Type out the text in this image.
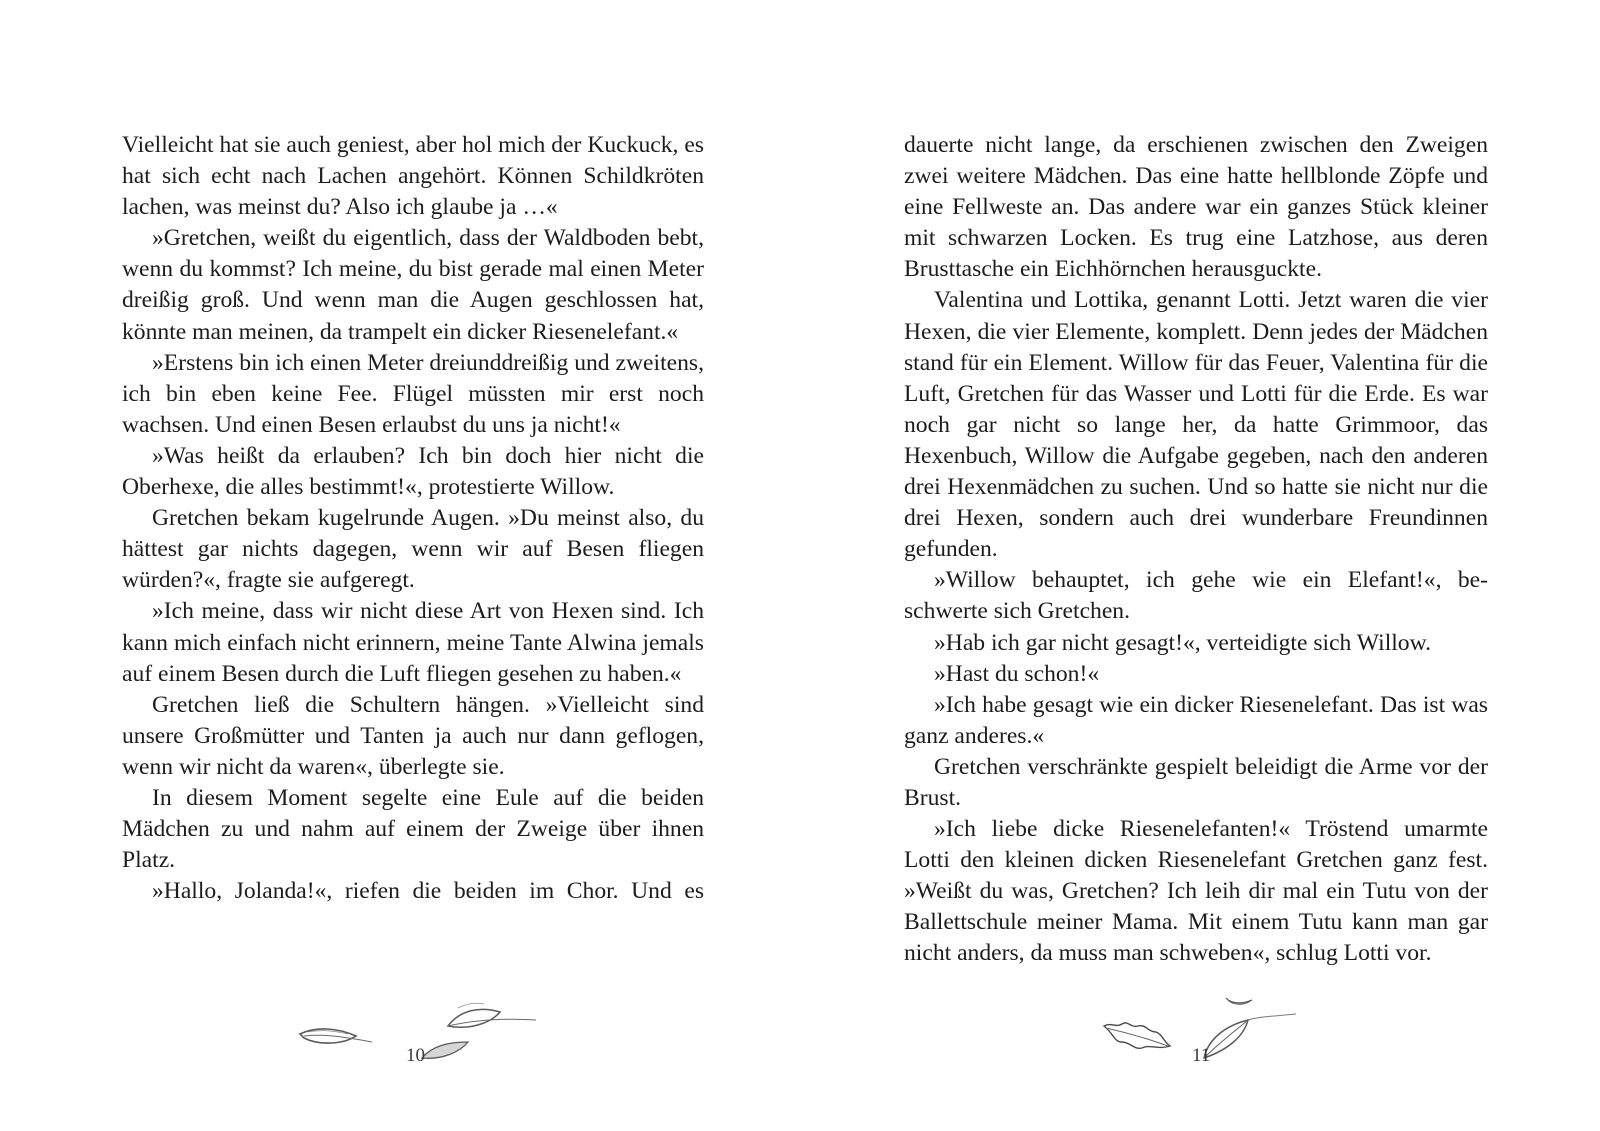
Vielleicht hat sie auch geniest, aber hol mich der Kuckuck, es hat sich echt nach Lachen angehört. Können Schildkröten lachen, was meinst du? Also ich glaube ja …«

»Gretchen, weißt du eigentlich, dass der Waldboden bebt, wenn du kommst? Ich meine, du bist gerade mal einen Meter dreißig groß. Und wenn man die Augen geschlossen hat, könnte man meinen, da trampelt ein dicker Riesenelefant.«

»Erstens bin ich einen Meter dreiunddreißig und zweitens, ich bin eben keine Fee. Flügel müssten mir erst noch wachsen. Und einen Besen erlaubst du uns ja nicht!«

»Was heißt da erlauben? Ich bin doch hier nicht die Oberhexe, die alles bestimmt!«, protestierte Willow.

Gretchen bekam kugelrunde Augen. »Du meinst also, du hättest gar nichts dagegen, wenn wir auf Besen fliegen würden?«, fragte sie aufgeregt.

»Ich meine, dass wir nicht diese Art von Hexen sind. Ich kann mich einfach nicht erinnern, meine Tante Alwina jemals auf einem Besen durch die Luft fliegen gesehen zu haben.«

Gretchen ließ die Schultern hängen. »Vielleicht sind unsere Großmütter und Tanten ja auch nur dann geflogen, wenn wir nicht da waren«, überlegte sie.

In diesem Moment segelte eine Eule auf die beiden Mädchen zu und nahm auf einem der Zweige über ihnen Platz.

»Hallo, Jolanda!«, riefen die beiden im Chor. Und es

10

dauerte nicht lange, da erschienen zwischen den Zweigen zwei weitere Mädchen. Das eine hatte hellblonde Zöpfe und eine Fellweste an. Das andere war ein ganzes Stück kleiner mit schwarzen Locken. Es trug eine Latzhose, aus deren Brusttasche ein Eichhörnchen herausguckte.

Valentina und Lottika, genannt Lotti. Jetzt waren die vier Hexen, die vier Elemente, komplett. Denn jedes der Mädchen stand für ein Element. Willow für das Feuer, Valentina für die Luft, Gretchen für das Wasser und Lotti für die Erde. Es war noch gar nicht so lange her, da hatte Grimmoor, das Hexenbuch, Willow die Aufgabe gegeben, nach den anderen drei Hexenmädchen zu suchen. Und so hatte sie nicht nur die drei Hexen, sondern auch drei wunderbare Freundinnen gefunden.

»Willow behauptet, ich gehe wie ein Elefant!«, beschwerte sich Gretchen.

»Hab ich gar nicht gesagt!«, verteidigte sich Willow.

»Hast du schon!«

»Ich habe gesagt wie ein dicker Riesenelefant. Das ist was ganz anderes.«

Gretchen verschränkte gespielt beleidigt die Arme vor der Brust.

»Ich liebe dicke Riesenelefanten!« Tröstend umarmte Lotti den kleinen dicken Riesenelefant Gretchen ganz fest. »Weißt du was, Gretchen? Ich leih dir mal ein Tutu von der Ballettschule meiner Mama. Mit einem Tutu kann man gar nicht anders, da muss man schweben«, schlug Lotti vor.

11
